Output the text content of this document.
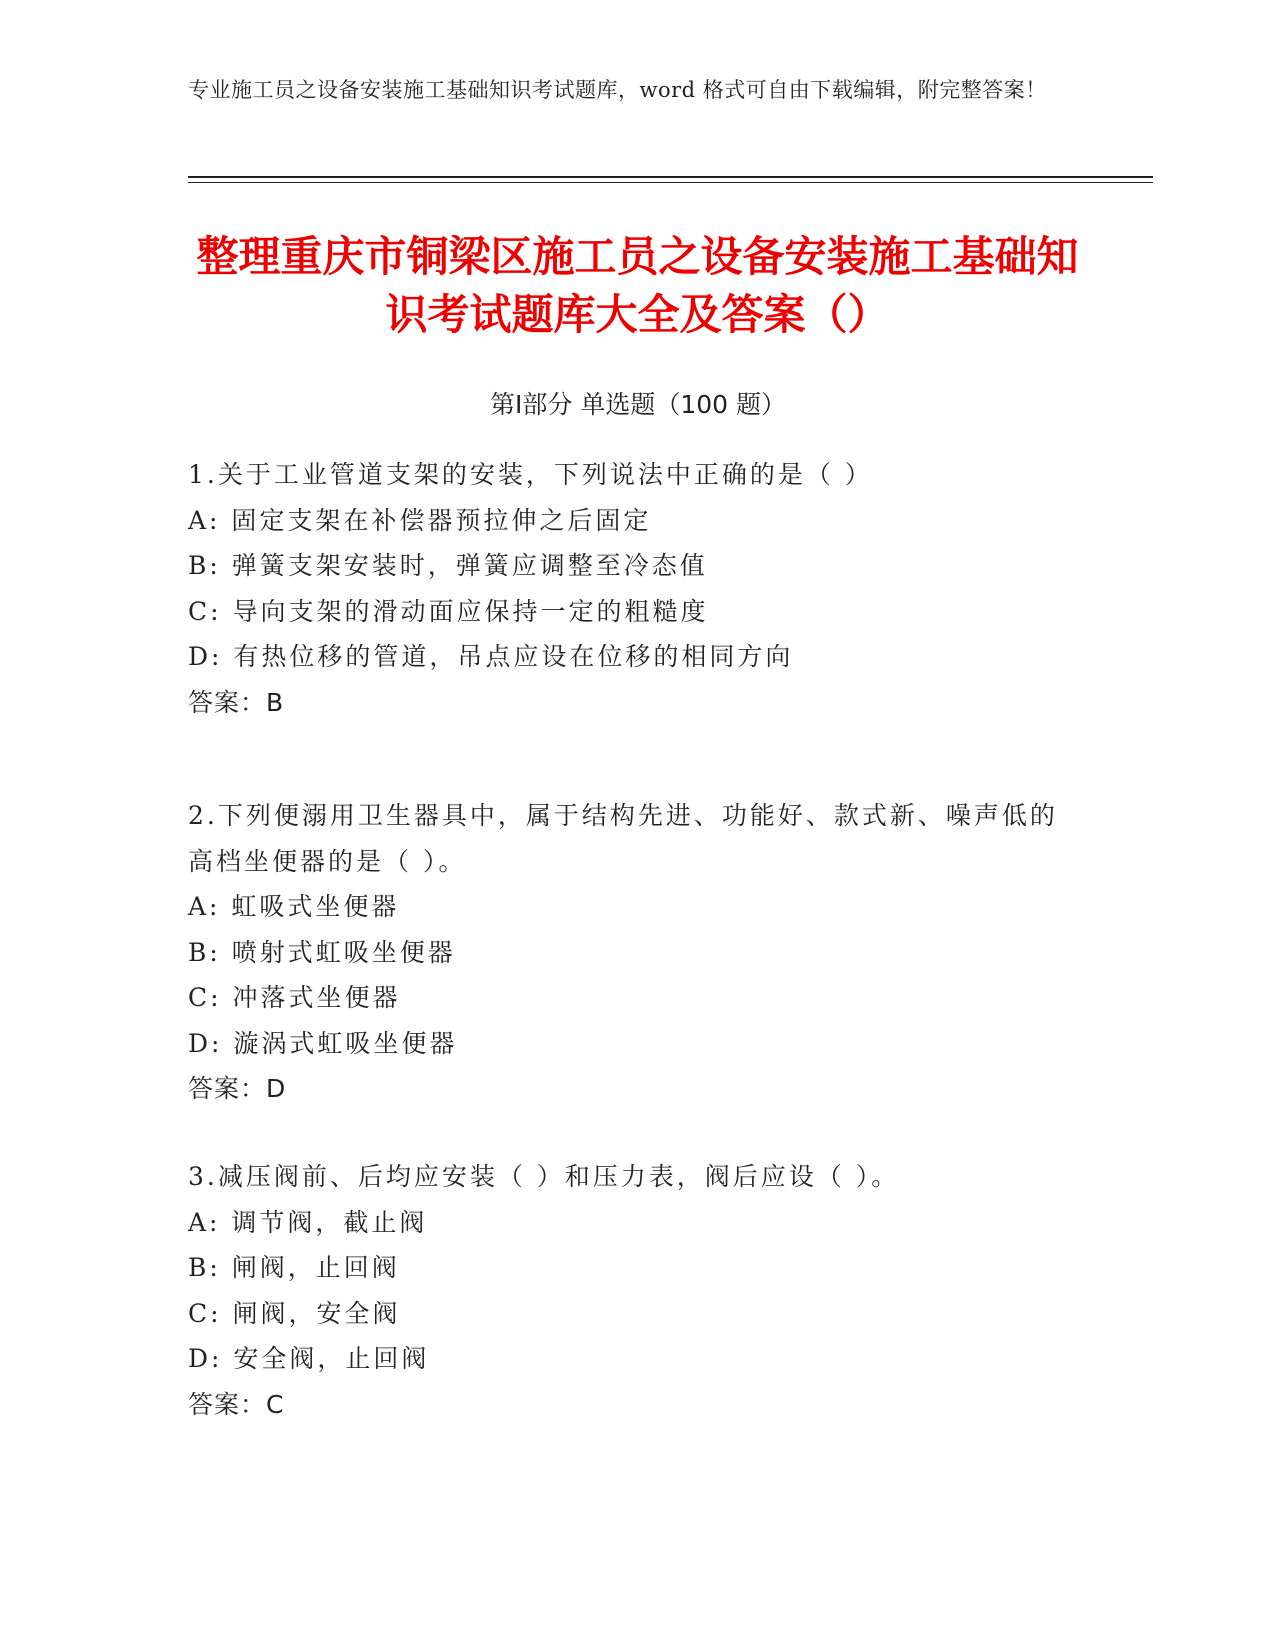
专业施工员之设备安装施工基础知识考试题库，word 格式可自由下载编辑，附完整答案！
整理重庆市铜梁区施工员之设备安装施工基础知识考试题库大全及答案（）
第Ⅰ部分 单选题（100 题）
1.关于工业管道支架的安装，下列说法中正确的是（ ）
A: 固定支架在补偿器预拉伸之后固定
B: 弹簧支架安装时，弹簧应调整至冷态值
C: 导向支架的滑动面应保持一定的粗糙度
D: 有热位移的管道，吊点应设在位移的相同方向
答案：B
2.下列便溺用卫生器具中，属于结构先进、功能好、款式新、噪声低的高档坐便器的是（ ）。
A: 虹吸式坐便器
B: 喷射式虹吸坐便器
C: 冲落式坐便器
D: 漩涡式虹吸坐便器
答案：D
3.减压阀前、后均应安装（ ）和压力表，阀后应设（ ）。
A: 调节阀，截止阀
B: 闸阀，止回阀
C: 闸阀，安全阀
D: 安全阀，止回阀
答案：C
